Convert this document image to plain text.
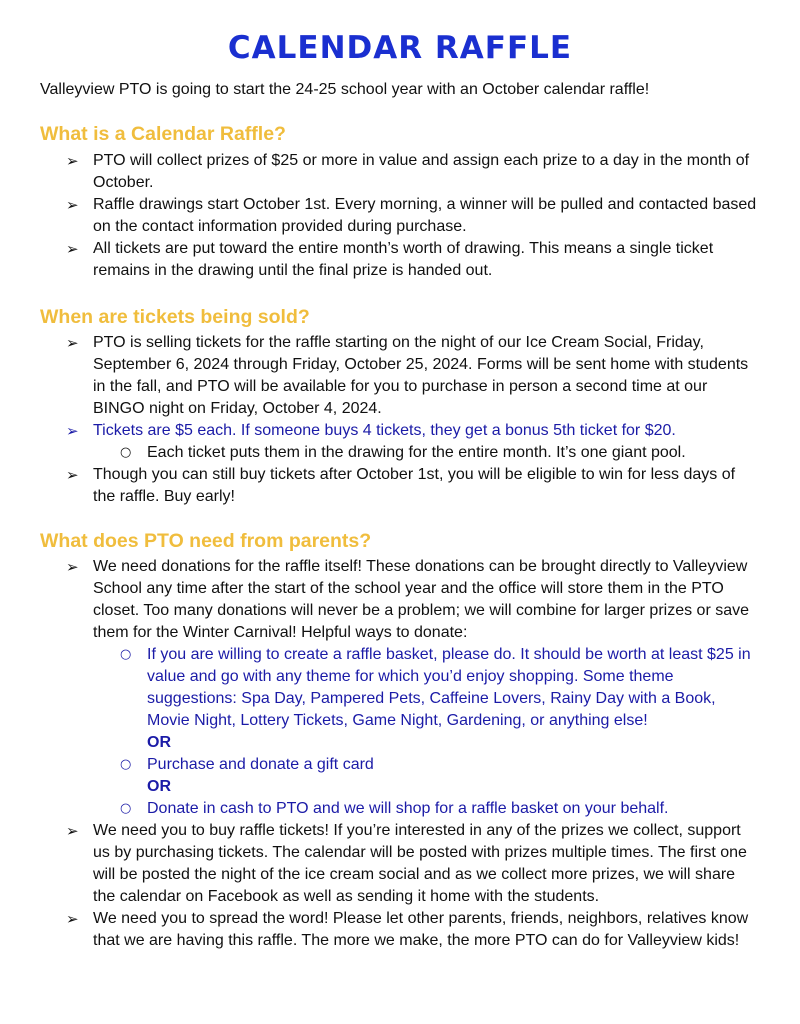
CALENDAR RAFFLE

Valleyview PTO is going to start the 24-25 school year with an October calendar raffle!

What is a Calendar Raffle?
➢ PTO will collect prizes of $25 or more in value and assign each prize to a day in the month of October.
➢ Raffle drawings start October 1st. Every morning, a winner will be pulled and contacted based on the contact information provided during purchase.
➢ All tickets are put toward the entire month’s worth of drawing. This means a single ticket remains in the drawing until the final prize is handed out.
When are tickets being sold?
➢ PTO is selling tickets for the raffle starting on the night of our Ice Cream Social, Friday, September 6, 2024 through Friday, October 25, 2024. Forms will be sent home with students in the fall, and PTO will be available for you to purchase in person a second time at our BINGO night on Friday, October 4, 2024.
➢ Tickets are $5 each. If someone buys 4 tickets, they get a bonus 5th ticket for $20.
○ Each ticket puts them in the drawing for the entire month. It’s one giant pool.
➢ Though you can still buy tickets after October 1st, you will be eligible to win for less days of the raffle. Buy early!
What does PTO need from parents?
➢ We need donations for the raffle itself! These donations can be brought directly to Valleyview School any time after the start of the school year and the office will store them in the PTO closet. Too many donations will never be a problem; we will combine for larger prizes or save them for the Winter Carnival! Helpful ways to donate:
○ If you are willing to create a raffle basket, please do. It should be worth at least $25 in value and go with any theme for which you’d enjoy shopping. Some theme suggestions: Spa Day, Pampered Pets, Caffeine Lovers, Rainy Day with a Book, Movie Night, Lottery Tickets, Game Night, Gardening, or anything else!
OR
○ Purchase and donate a gift card
OR
○ Donate in cash to PTO and we will shop for a raffle basket on your behalf.
➢ We need you to buy raffle tickets! If you’re interested in any of the prizes we collect, support us by purchasing tickets. The calendar will be posted with prizes multiple times. The first one will be posted the night of the ice cream social and as we collect more prizes, we will share the calendar on Facebook as well as sending it home with the students.
➢ We need you to spread the word! Please let other parents, friends, neighbors, relatives know that we are having this raffle. The more we make, the more PTO can do for Valleyview kids!
